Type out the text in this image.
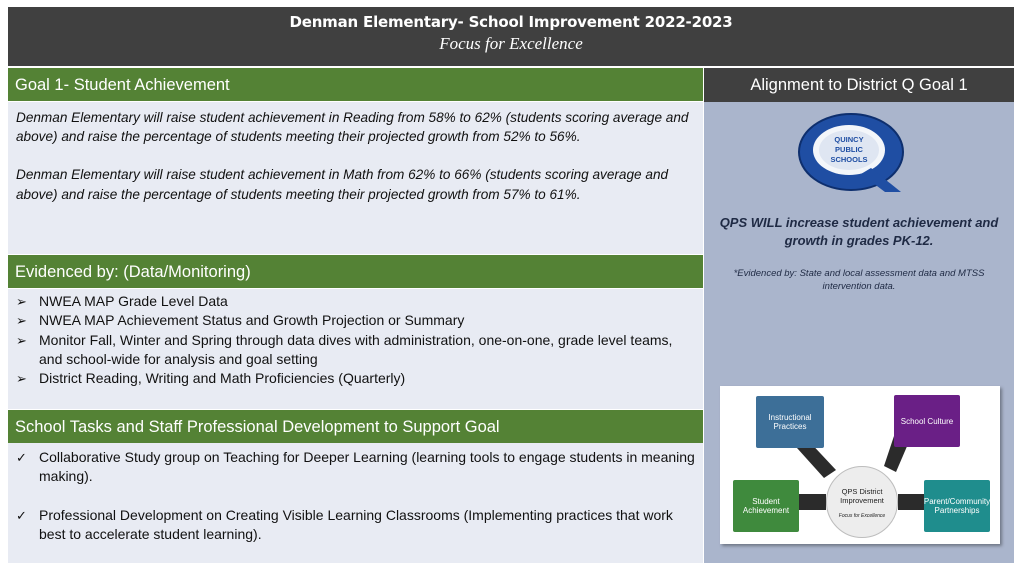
Denman Elementary- School Improvement 2022-2023
Focus for Excellence
Goal 1- Student Achievement

Denman Elementary will raise student achievement in Reading from 58% to 62% (students scoring average and above) and raise the percentage of students meeting their projected growth from 52% to 56%.

Denman Elementary will raise student achievement in Math from 62% to 66% (students scoring average and above) and raise the percentage of students meeting their projected growth from 57% to 61%.

Evidenced by: (Data/Monitoring)
➢ NWEA MAP Grade Level Data
➢ NWEA MAP Achievement Status and Growth Projection or Summary
➢ Monitor Fall, Winter and Spring through data dives with administration, one-on-one, grade level teams, and school-wide for analysis and goal setting
➢ District Reading, Writing and Math Proficiencies (Quarterly)
School Tasks and Staff Professional Development to Support Goal
✓ Collaborative Study group on Teaching for Deeper Learning (learning tools to engage students in meaning making).
✓ Professional Development on Creating Visible Learning Classrooms (Implementing practices that work best to accelerate student learning).
Alignment to District Q Goal 1
QUINCY
PUBLIC
SCHOOLS
QPS WILL increase student achievement and growth in grades PK-12.
*Evidenced by: State and local assessment data and MTSS intervention data.
Instructional Practices
School Culture
Student Achievement
Parent/Community Partnerships
QPS District Improvement
Focus for Excellence
